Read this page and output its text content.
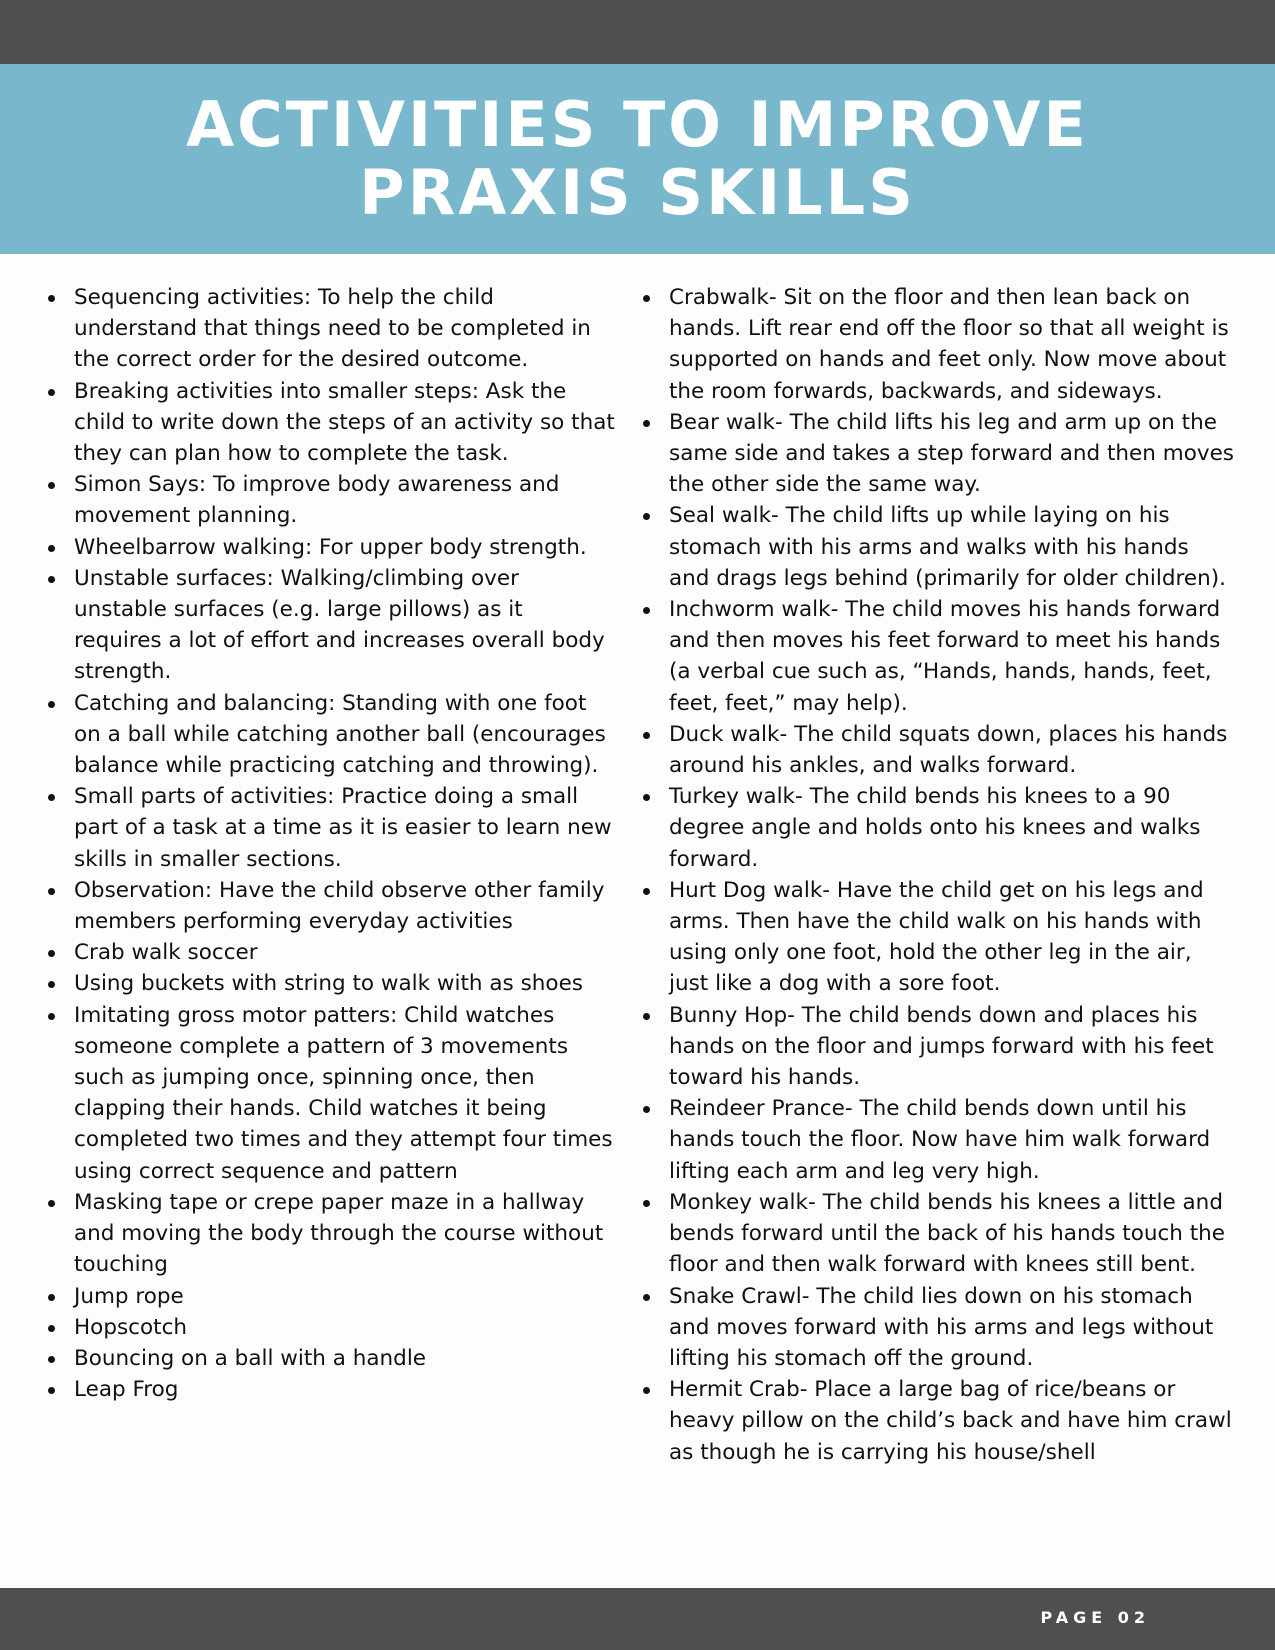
ACTIVITIES TO IMPROVE PRAXIS SKILLS
Sequencing activities: To help the child understand that things need to be completed in the correct order for the desired outcome.
Breaking activities into smaller steps: Ask the child to write down the steps of an activity so that they can plan how to complete the task.
Simon Says: To improve body awareness and movement planning.
Wheelbarrow walking: For upper body strength.
Unstable surfaces: Walking/climbing over unstable surfaces (e.g. large pillows) as it requires a lot of effort and increases overall body strength.
Catching and balancing: Standing with one foot on a ball while catching another ball (encourages balance while practicing catching and throwing).
Small parts of activities: Practice doing a small part of a task at a time as it is easier to learn new skills in smaller sections.
Observation: Have the child observe other family members performing everyday activities
Crab walk soccer
Using buckets with string to walk with as shoes
Imitating gross motor patters: Child watches someone complete a pattern of 3 movements such as jumping once, spinning once, then clapping their hands. Child watches it being completed two times and they attempt four times using correct sequence and pattern
Masking tape or crepe paper maze in a hallway and moving the body through the course without touching
Jump rope
Hopscotch
Bouncing on a ball with a handle
Leap Frog
Crabwalk- Sit on the floor and then lean back on hands. Lift rear end off the floor so that all weight is supported on hands and feet only. Now move about the room forwards, backwards, and sideways.
Bear walk- The child lifts his leg and arm up on the same side and takes a step forward and then moves the other side the same way.
Seal walk- The child lifts up while laying on his stomach with his arms and walks with his hands and drags legs behind (primarily for older children).
Inchworm walk- The child moves his hands forward and then moves his feet forward to meet his hands (a verbal cue such as, “Hands, hands, hands, feet, feet, feet,” may help).
Duck walk- The child squats down, places his hands around his ankles, and walks forward.
Turkey walk- The child bends his knees to a 90 degree angle and holds onto his knees and walks forward.
Hurt Dog walk- Have the child get on his legs and arms. Then have the child walk on his hands with using only one foot, hold the other leg in the air, just like a dog with a sore foot.
Bunny Hop- The child bends down and places his hands on the floor and jumps forward with his feet toward his hands.
Reindeer Prance- The child bends down until his hands touch the floor. Now have him walk forward lifting each arm and leg very high.
Monkey walk- The child bends his knees a little and bends forward until the back of his hands touch the floor and then walk forward with knees still bent.
Snake Crawl- The child lies down on his stomach and moves forward with his arms and legs without lifting his stomach off the ground.
Hermit Crab- Place a large bag of rice/beans or heavy pillow on the child’s back and have him crawl as though he is carrying his house/shell
PAGE 02
